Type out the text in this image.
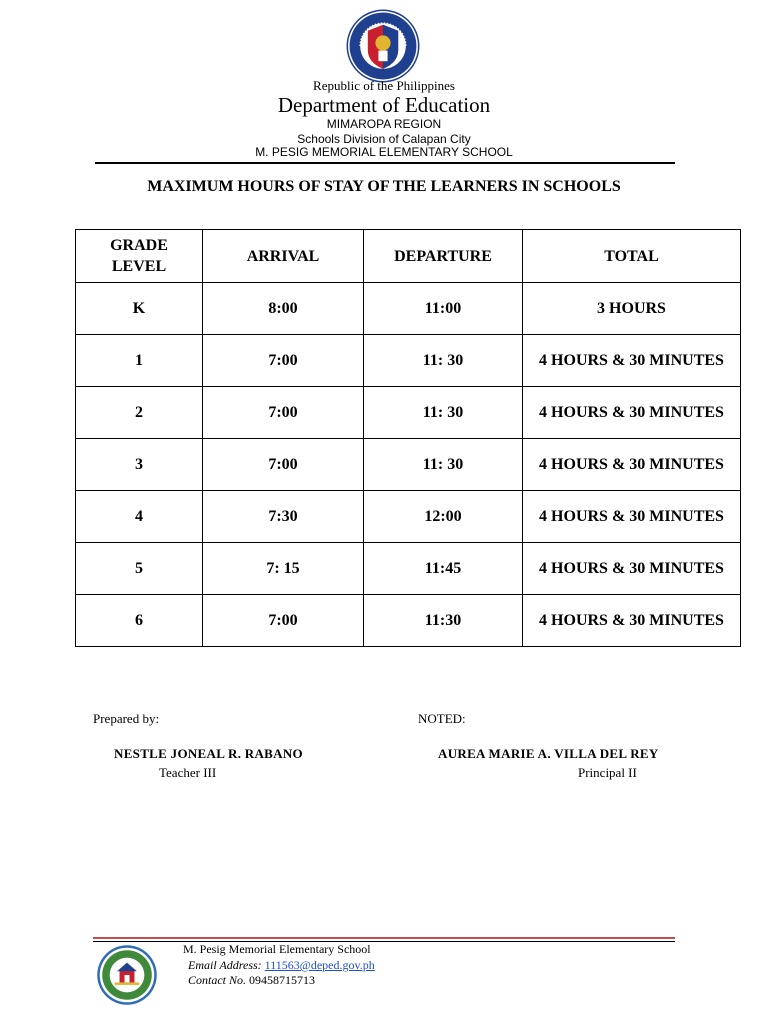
Republic of the Philippines
Department of Education
MIMAROPA REGION
Schools Division of Calapan City
M. PESIG MEMORIAL ELEMENTARY SCHOOL
MAXIMUM HOURS OF STAY OF THE LEARNERS IN SCHOOLS
GRADE LEVEL	ARRIVAL	DEPARTURE	TOTAL
K	8:00	11:00	3 HOURS
1	7:00	11: 30	4 HOURS & 30 MINUTES
2	7:00	11: 30	4 HOURS & 30 MINUTES
3	7:00	11: 30	4 HOURS & 30 MINUTES
4	7:30	12:00	4 HOURS & 30 MINUTES
5	7: 15	11:45	4 HOURS & 30 MINUTES
6	7:00	11:30	4 HOURS & 30 MINUTES
Prepared by:
NESTLE JONEAL R. RABANO
Teacher III
NOTED:
AUREA MARIE A. VILLA DEL REY
Principal II
M. Pesig Memorial Elementary School
Email Address: 111563@deped.gov.ph
Contact No. 09458715713
